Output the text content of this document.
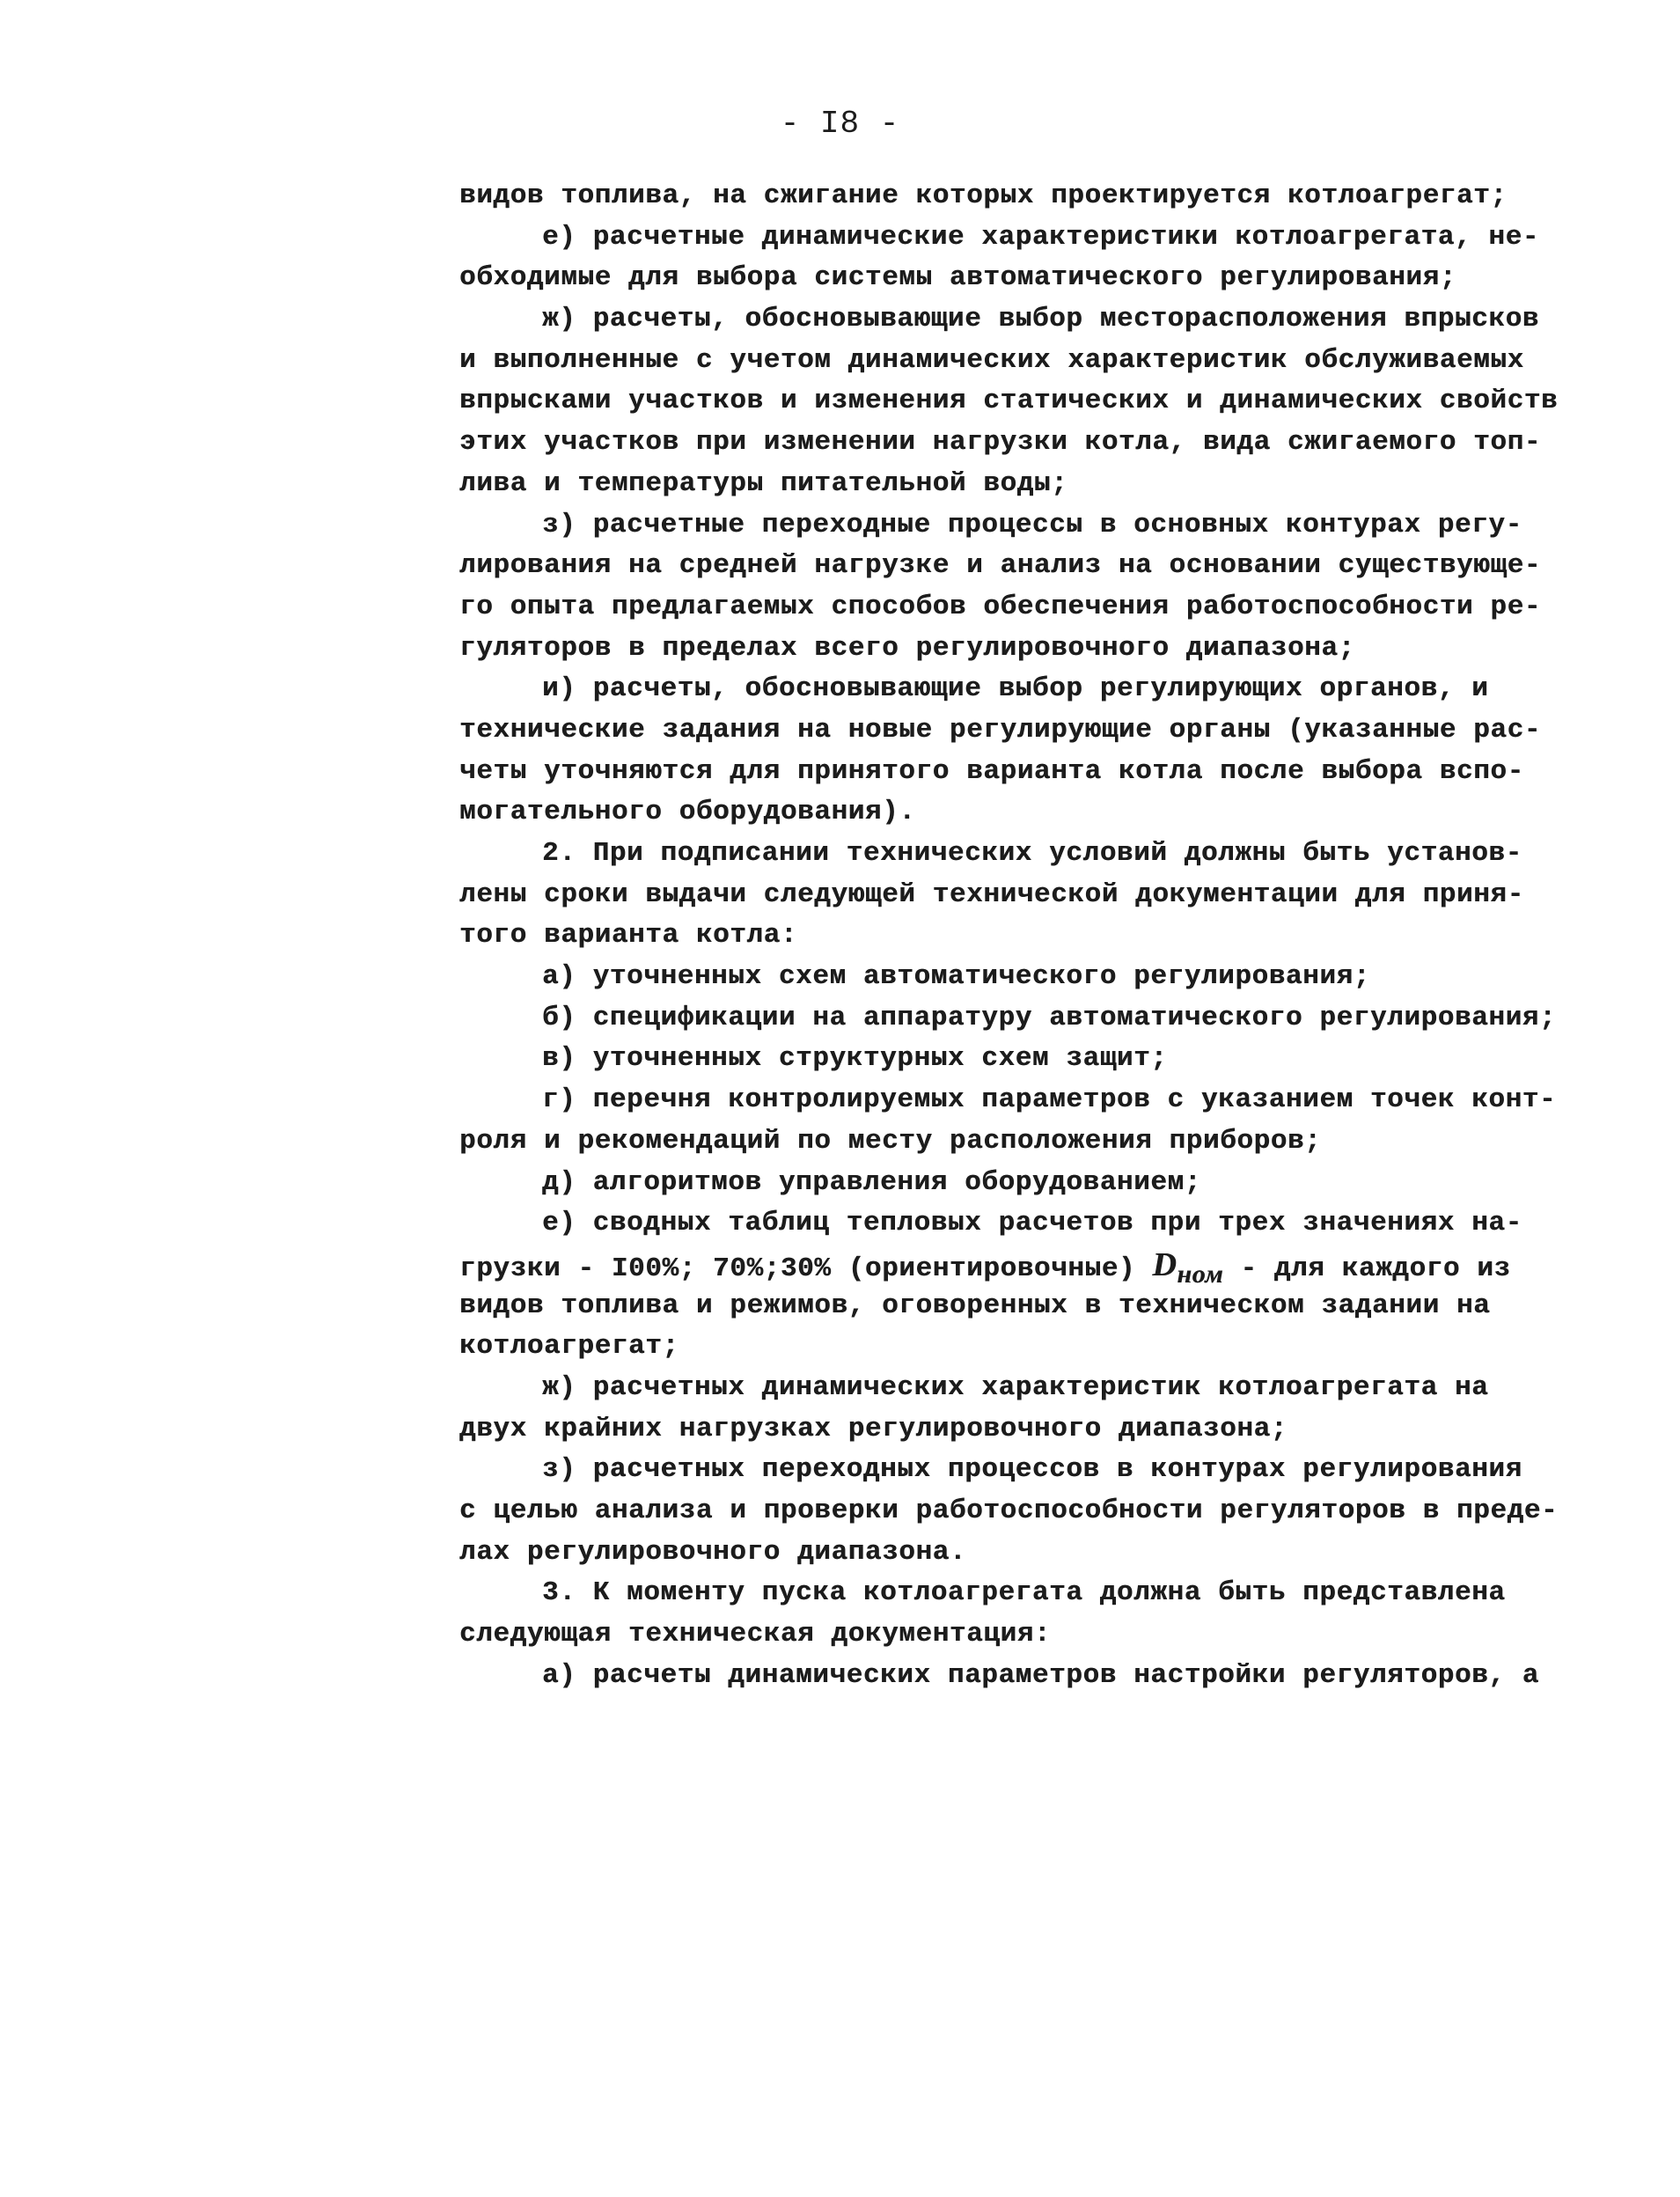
- I8 -
видов топлива, на сжигание которых проектируется котлоагрегат;
е) расчетные динамические характеристики котлоагрегата, не-
обходимые для выбора системы автоматического регулирования;
ж) расчеты, обосновывающие выбор месторасположения впрысков
и выполненные с учетом динамических характеристик обслуживаемых
впрысками участков и изменения статических и динамических свойств
этих участков при изменении нагрузки котла, вида сжигаемого топ-
лива и температуры питательной воды;
з) расчетные переходные процессы в основных контурах регу-
лирования на средней нагрузке и анализ на основании существующе-
го опыта предлагаемых способов обеспечения работоспособности ре-
гуляторов в пределах всего регулировочного диапазона;
и) расчеты, обосновывающие выбор регулирующих органов, и
технические задания на новые регулирующие органы (указанные рас-
четы уточняются для принятого варианта котла после выбора вспо-
могательного оборудования).
2. При подписании технических условий должны быть установ-
лены сроки выдачи следующей технической документации для приня-
того варианта котла:
а) уточненных схем автоматического регулирования;
б) спецификации на аппаратуру автоматического регулирования;
в) уточненных структурных схем защит;
г) перечня контролируемых параметров с указанием точек конт-
роля и рекомендаций по месту расположения приборов;
д) алгоритмов управления оборудованием;
е) сводных таблиц тепловых расчетов при трех значениях на-
грузки - I00%; 70%;30% (ориентировочные) $D_{ном}$ - для каждого из
видов топлива и режимов, оговоренных в техническом задании на
котлоагрегат;
ж) расчетных динамических характеристик котлоагрегата на
двух крайних нагрузках регулировочного диапазона;
з) расчетных переходных процессов в контурах регулирования
с целью анализа и проверки работоспособности регуляторов в преде-
лах регулировочного диапазона.
3. К моменту пуска котлоагрегата должна быть представлена
следующая техническая документация:
а) расчеты динамических параметров настройки регуляторов, а
